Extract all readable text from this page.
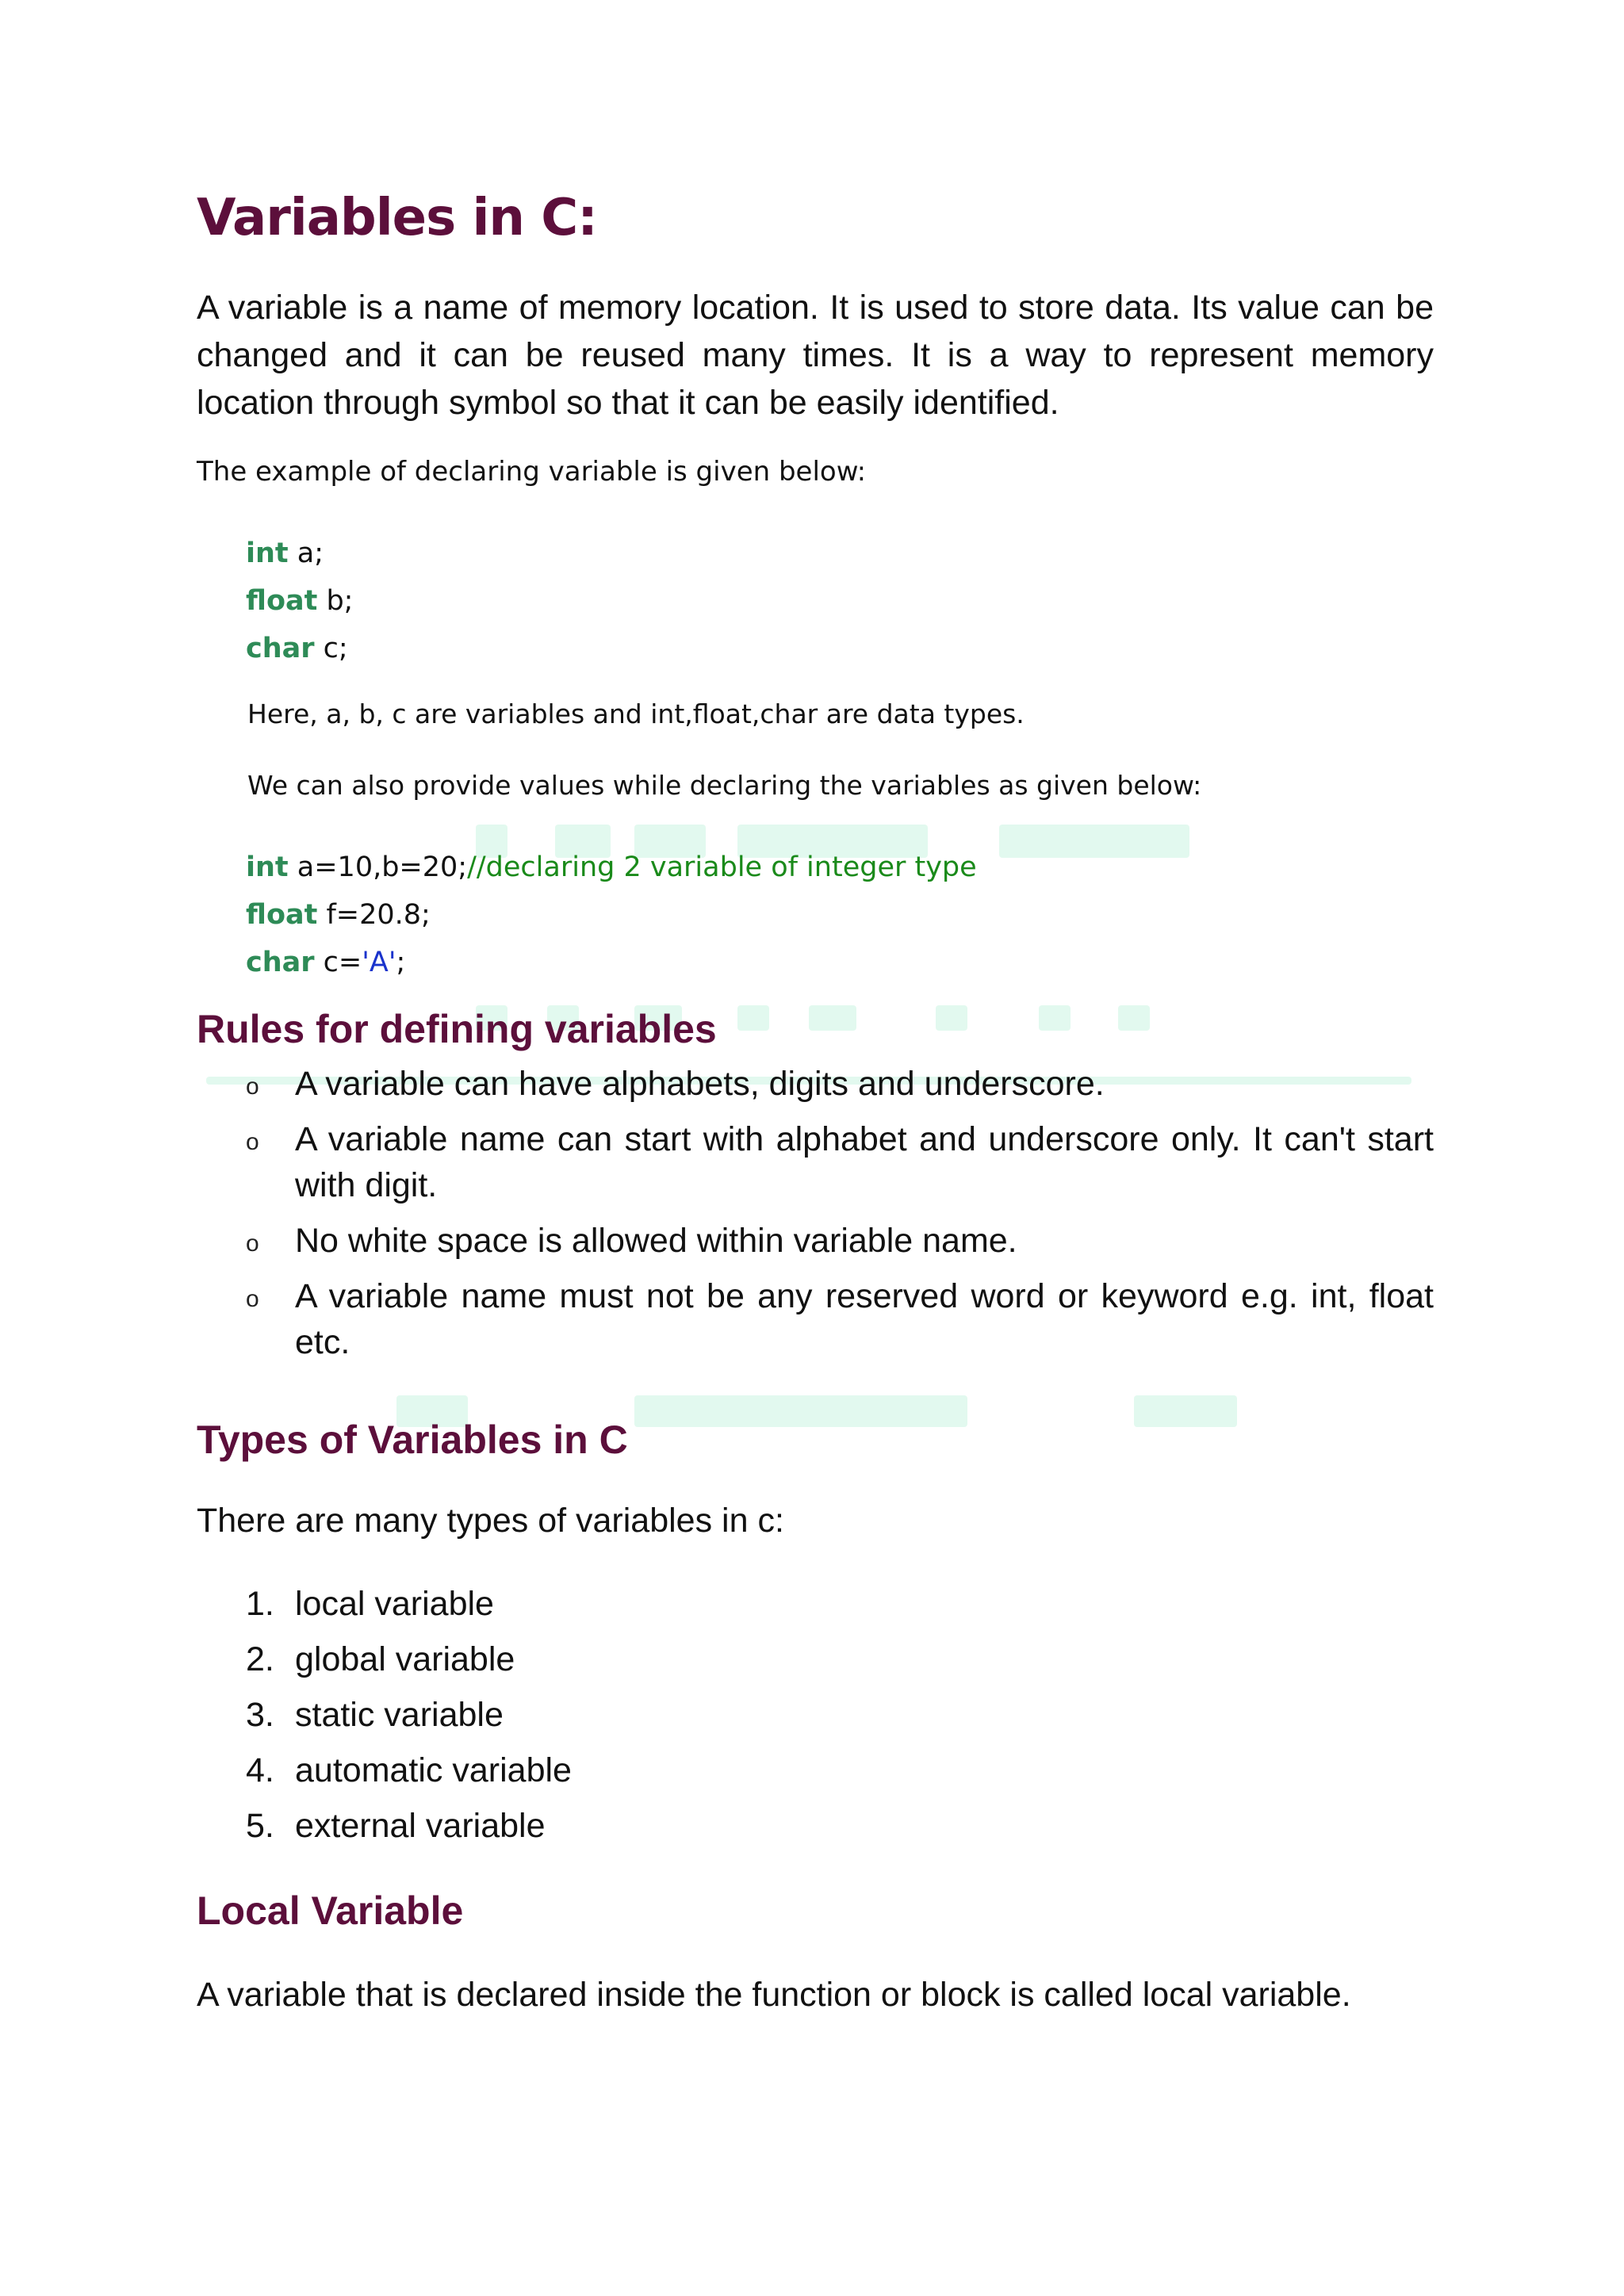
Variables in C:

A variable is a name of memory location. It is used to store data. Its value can be changed and it can be reused many times. It is a way to represent memory location through symbol so that it can be easily identified.

The example of declaring variable is given below:

int a;
float b;
char c;

Here, a, b, c are variables and int,float,char are data types.

We can also provide values while declaring the variables as given below:

int a=10,b=20;//declaring 2 variable of integer type
float f=20.8;
char c='A';
Rules for defining variables
o A variable can have alphabets, digits and underscore.
o A variable name can start with alphabet and underscore only. It can't start with digit.
o No white space is allowed within variable name.
o A variable name must not be any reserved word or keyword e.g. int, float etc.
Types of Variables in C

There are many types of variables in c:

1. local variable
2. global variable
3. static variable
4. automatic variable
5. external variable
Local Variable

A variable that is declared inside the function or block is called local variable.
